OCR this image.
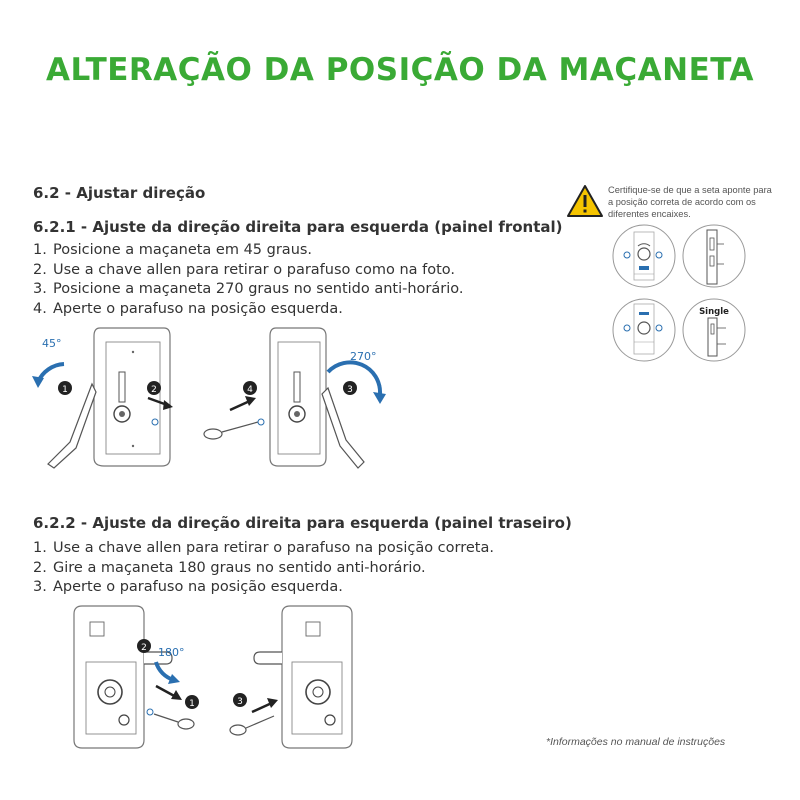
ALTERAÇÃO DA POSIÇÃO DA MAÇANETA
6.2 - Ajustar direção
6.2.1 - Ajuste da direção direita para esquerda (painel frontal)
1. Posicione a maçaneta em 45 graus.
2. Use a chave allen para retirar o parafuso como na foto.
3. Posicione a maçaneta 270 graus no sentido anti-horário.
4. Aperte o parafuso na posição esquerda.
Certifique-se de que a seta aponte para a posição correta de acordo com os diferentes encaixes.
Single
45°
1	2	4
270°
3
6.2.2 - Ajuste da direção direita para esquerda (painel traseiro)
1. Use a chave allen para retirar o parafuso na posição correta.
2. Gire a maçaneta 180 graus no sentido anti-horário.
3. Aperte o parafuso na posição esquerda.
180°
2
1	3
*Informações no manual de instruções
